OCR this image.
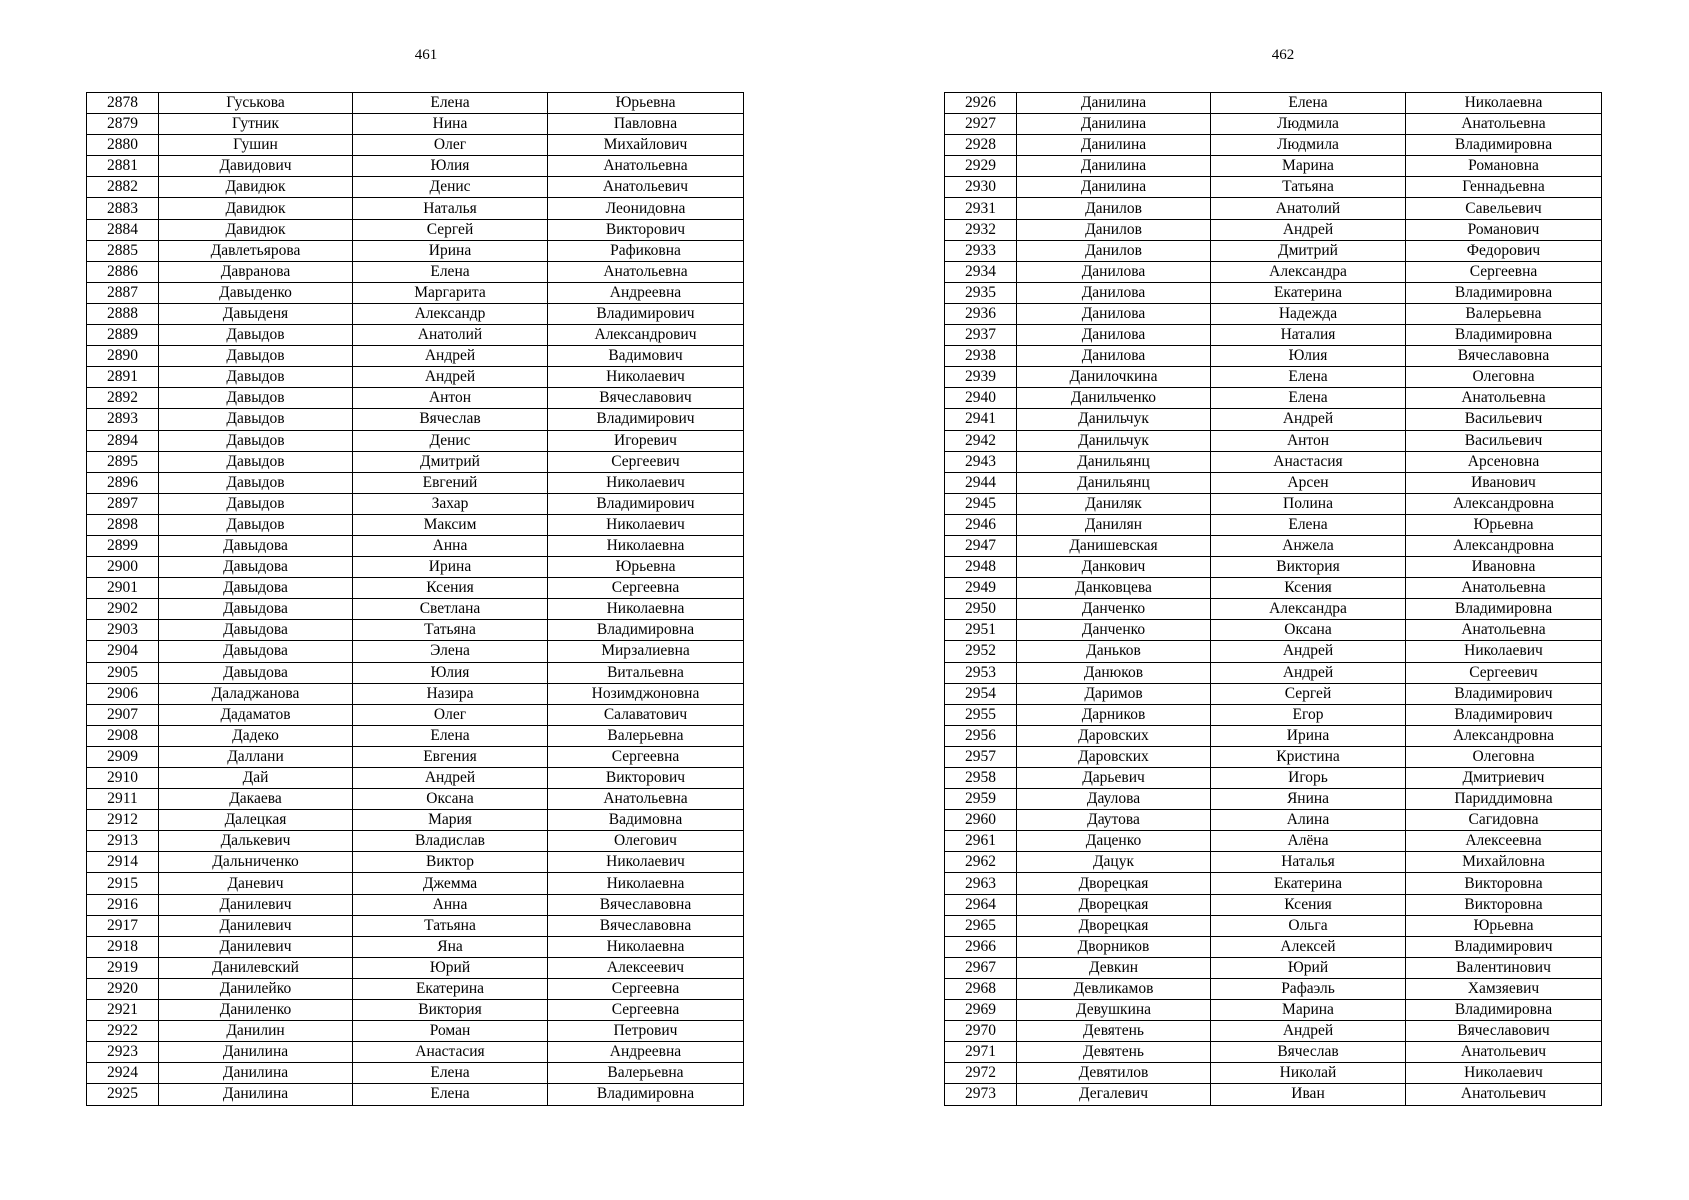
461	462
2878	Гуськова	Елена	Юрьевна
2879	Гутник	Нина	Павловна
2880	Гушин	Олег	Михайлович
2881	Давидович	Юлия	Анатольевна
2882	Давидюк	Денис	Анатольевич
2883	Давидюк	Наталья	Леонидовна
2884	Давидюк	Сергей	Викторович
2885	Давлетьярова	Ирина	Рафиковна
2886	Давранова	Елена	Анатольевна
2887	Давыденко	Маргарита	Андреевна
2888	Давыденя	Александр	Владимирович
2889	Давыдов	Анатолий	Александрович
2890	Давыдов	Андрей	Вадимович
2891	Давыдов	Андрей	Николаевич
2892	Давыдов	Антон	Вячеславович
2893	Давыдов	Вячеслав	Владимирович
2894	Давыдов	Денис	Игоревич
2895	Давыдов	Дмитрий	Сергеевич
2896	Давыдов	Евгений	Николаевич
2897	Давыдов	Захар	Владимирович
2898	Давыдов	Максим	Николаевич
2899	Давыдова	Анна	Николаевна
2900	Давыдова	Ирина	Юрьевна
2901	Давыдова	Ксения	Сергеевна
2902	Давыдова	Светлана	Николаевна
2903	Давыдова	Татьяна	Владимировна
2904	Давыдова	Элена	Мирзалиевна
2905	Давыдова	Юлия	Витальевна
2906	Даладжанова	Назира	Нозимджоновна
2907	Дадаматов	Олег	Салаватович
2908	Дадеко	Елена	Валерьевна
2909	Даллани	Евгения	Сергеевна
2910	Дай	Андрей	Викторович
2911	Дакаева	Оксана	Анатольевна
2912	Далецкая	Мария	Вадимовна
2913	Далькевич	Владислав	Олегович
2914	Дальниченко	Виктор	Николаевич
2915	Даневич	Джемма	Николаевна
2916	Данилевич	Анна	Вячеславовна
2917	Данилевич	Татьяна	Вячеславовна
2918	Данилевич	Яна	Николаевна
2919	Данилевский	Юрий	Алексеевич
2920	Данилейко	Екатерина	Сергеевна
2921	Даниленко	Виктория	Сергеевна
2922	Данилин	Роман	Петрович
2923	Данилина	Анастасия	Андреевна
2924	Данилина	Елена	Валерьевна
2925	Данилина	Елена	Владимировна
2926	Данилина	Елена	Николаевна
2927	Данилина	Людмила	Анатольевна
2928	Данилина	Людмила	Владимировна
2929	Данилина	Марина	Романовна
2930	Данилина	Татьяна	Геннадьевна
2931	Данилов	Анатолий	Савельевич
2932	Данилов	Андрей	Романович
2933	Данилов	Дмитрий	Федорович
2934	Данилова	Александра	Сергеевна
2935	Данилова	Екатерина	Владимировна
2936	Данилова	Надежда	Валерьевна
2937	Данилова	Наталия	Владимировна
2938	Данилова	Юлия	Вячеславовна
2939	Данилочкина	Елена	Олеговна
2940	Данильченко	Елена	Анатольевна
2941	Данильчук	Андрей	Васильевич
2942	Данильчук	Антон	Васильевич
2943	Данильянц	Анастасия	Арсеновна
2944	Данильянц	Арсен	Иванович
2945	Даниляк	Полина	Александровна
2946	Данилян	Елена	Юрьевна
2947	Данишевская	Анжела	Александровна
2948	Данкович	Виктория	Ивановна
2949	Данковцева	Ксения	Анатольевна
2950	Данченко	Александра	Владимировна
2951	Данченко	Оксана	Анатольевна
2952	Даньков	Андрей	Николаевич
2953	Данюков	Андрей	Сергеевич
2954	Даримов	Сергей	Владимирович
2955	Дарников	Егор	Владимирович
2956	Даровских	Ирина	Александровна
2957	Даровских	Кристина	Олеговна
2958	Дарьевич	Игорь	Дмитриевич
2959	Даулова	Янина	Париддимовна
2960	Даутова	Алина	Сагидовна
2961	Даценко	Алёна	Алексеевна
2962	Дацук	Наталья	Михайловна
2963	Дворецкая	Екатерина	Викторовна
2964	Дворецкая	Ксения	Викторовна
2965	Дворецкая	Ольга	Юрьевна
2966	Дворников	Алексей	Владимирович
2967	Девкин	Юрий	Валентинович
2968	Девликамов	Рафаэль	Хамзяевич
2969	Девушкина	Марина	Владимировна
2970	Девятень	Андрей	Вячеславович
2971	Девятень	Вячеслав	Анатольевич
2972	Девятилов	Николай	Николаевич
2973	Дегалевич	Иван	Анатольевич
